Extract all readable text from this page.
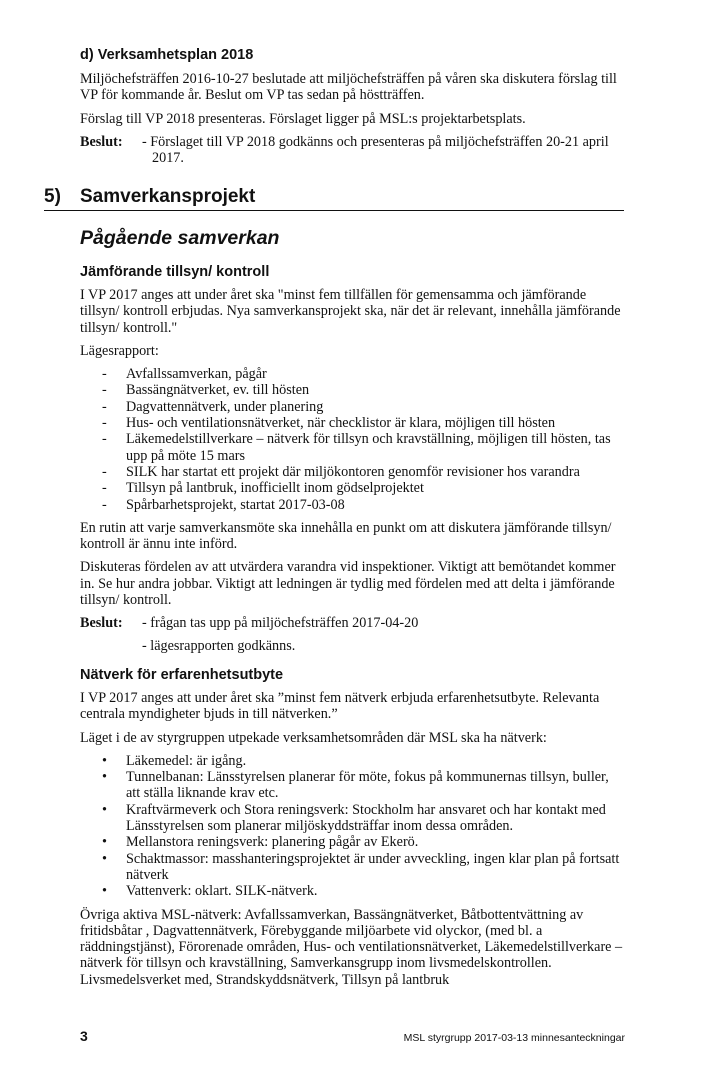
d) Verksamhetsplan 2018

Miljöchefsträffen 2016-10-27 beslutade att miljöchefsträffen på våren ska diskutera förslag till VP för kommande år. Beslut om VP tas sedan på höstträffen.

Förslag till VP 2018 presenteras. Förslaget ligger på MSL:s projektarbetsplats.

Beslut:	- Förslaget till VP 2018 godkänns och presenteras på miljöchefsträffen 20-21 april 2017.
5) Samverkansprojekt
Pågående samverkan
Jämförande tillsyn/ kontroll

I VP 2017 anges att under året ska "minst fem tillfällen för gemensamma och jämförande tillsyn/ kontroll erbjudas. Nya samverkansprojekt ska, när det är relevant, innehålla jämförande tillsyn/ kontroll."

Lägesrapport:

-
Avfallssamverkan, pågår
-
Bassängnätverket, ev. till hösten
-
Dagvattennätverk, under planering
-
Hus- och ventilationsnätverket, när checklistor är klara, möjligen till hösten
-
Läkemedelstillverkare – nätverk för tillsyn och kravställning, möjligen till hösten, tas upp på möte 15 mars
-
SILK har startat ett projekt där miljökontoren genomför revisioner hos varandra
-
Tillsyn på lantbruk, inofficiellt inom gödselprojektet
-
Spårbarhetsprojekt, startat 2017-03-08

En rutin att varje samverkansmöte ska innehålla en punkt om att diskutera jämförande tillsyn/ kontroll är ännu inte införd.

Diskuteras fördelen av att utvärdera varandra vid inspektioner. Viktigt att bemötandet kommer in. Se hur andra jobbar. Viktigt att ledningen är tydlig med fördelen med att delta i jämförande tillsyn/ kontroll.

Beslut:	- frågan tas upp på miljöchefsträffen 2017-04-20
- lägesrapporten godkänns.
Nätverk för erfarenhetsutbyte

I VP 2017 anges att under året ska ”minst fem nätverk erbjuda erfarenhetsutbyte. Relevanta centrala myndigheter bjuds in till nätverken.”

Läget i de av styrgruppen utpekade verksamhetsområden där MSL ska ha nätverk:

•
Läkemedel: är igång.
•
Tunnelbanan: Länsstyrelsen planerar för möte, fokus på kommunernas tillsyn, buller, att ställa liknande krav etc.
•
Kraftvärmeverk och Stora reningsverk: Stockholm har ansvaret och har kontakt med Länsstyrelsen som planerar miljöskyddsträffar inom dessa områden.
•
Mellanstora reningsverk: planering pågår av Ekerö.
•
Schaktmassor: masshanteringsprojektet är under avveckling, ingen klar plan på fortsatt nätverk
•
Vattenverk: oklart. SILK-nätverk.

Övriga aktiva MSL-nätverk: Avfallssamverkan, Bassängnätverket, Båtbottentvättning av fritidsbåtar , Dagvattennätverk, Förebyggande miljöarbete vid olyckor, (med bl. a räddningstjänst), Förorenade områden, Hus- och ventilationsnätverket, Läkemedelstillverkare – nätverk för tillsyn och kravställning, Samverkansgrupp inom livsmedelskontrollen. Livsmedelsverket med, Strandskyddsnätverk, Tillsyn på lantbruk

3	MSL styrgrupp 2017-03-13 minnesanteckningar
